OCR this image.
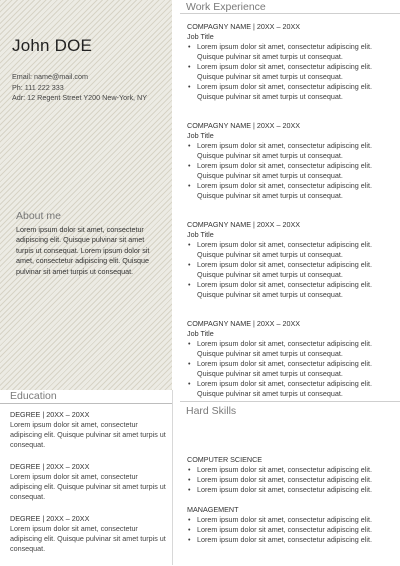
John DOE
Email: name@mail.com
Ph: 111 222 333
Adr: 12 Regent Street Y200 New-York, NY
About me
Lorem ipsum dolor sit amet, consectetur adipiscing elit. Quisque pulvinar sit amet turpis ut consequat. Lorem ipsum dolor sit amet, consectetur adipiscing elit. Quisque pulvinar sit amet turpis ut consequat.
Education
DEGREE | 20XX – 20XX
Lorem ipsum dolor sit amet, consectetur adipiscing elit. Quisque pulvinar sit amet turpis ut consequat.
DEGREE | 20XX – 20XX
Lorem ipsum dolor sit amet, consectetur adipiscing elit. Quisque pulvinar sit amet turpis ut consequat.
DEGREE | 20XX – 20XX
Lorem ipsum dolor sit amet, consectetur adipiscing elit. Quisque pulvinar sit amet turpis ut consequat.
Work Experience
COMPAGNY NAME | 20XX – 20XX
Job Title
• Lorem ipsum dolor sit amet, consectetur adipiscing elit. Quisque pulvinar sit amet turpis ut consequat.
• Lorem ipsum dolor sit amet, consectetur adipiscing elit. Quisque pulvinar sit amet turpis ut consequat.
• Lorem ipsum dolor sit amet, consectetur adipiscing elit. Quisque pulvinar sit amet turpis ut consequat.
COMPAGNY NAME | 20XX – 20XX
Job Title
• Lorem ipsum dolor sit amet, consectetur adipiscing elit. Quisque pulvinar sit amet turpis ut consequat.
• Lorem ipsum dolor sit amet, consectetur adipiscing elit. Quisque pulvinar sit amet turpis ut consequat.
• Lorem ipsum dolor sit amet, consectetur adipiscing elit. Quisque pulvinar sit amet turpis ut consequat.
COMPAGNY NAME | 20XX – 20XX
Job Title
• Lorem ipsum dolor sit amet, consectetur adipiscing elit. Quisque pulvinar sit amet turpis ut consequat.
• Lorem ipsum dolor sit amet, consectetur adipiscing elit. Quisque pulvinar sit amet turpis ut consequat.
• Lorem ipsum dolor sit amet, consectetur adipiscing elit. Quisque pulvinar sit amet turpis ut consequat.
COMPAGNY NAME | 20XX – 20XX
Job Title
• Lorem ipsum dolor sit amet, consectetur adipiscing elit. Quisque pulvinar sit amet turpis ut consequat.
• Lorem ipsum dolor sit amet, consectetur adipiscing elit. Quisque pulvinar sit amet turpis ut consequat.
• Lorem ipsum dolor sit amet, consectetur adipiscing elit. Quisque pulvinar sit amet turpis ut consequat.
Hard Skills
COMPUTER SCIENCE
• Lorem ipsum dolor sit amet, consectetur adipiscing elit.
• Lorem ipsum dolor sit amet, consectetur adipiscing elit.
• Lorem ipsum dolor sit amet, consectetur adipiscing elit.
MANAGEMENT
• Lorem ipsum dolor sit amet, consectetur adipiscing elit.
• Lorem ipsum dolor sit amet, consectetur adipiscing elit.
• Lorem ipsum dolor sit amet, consectetur adipiscing elit.
